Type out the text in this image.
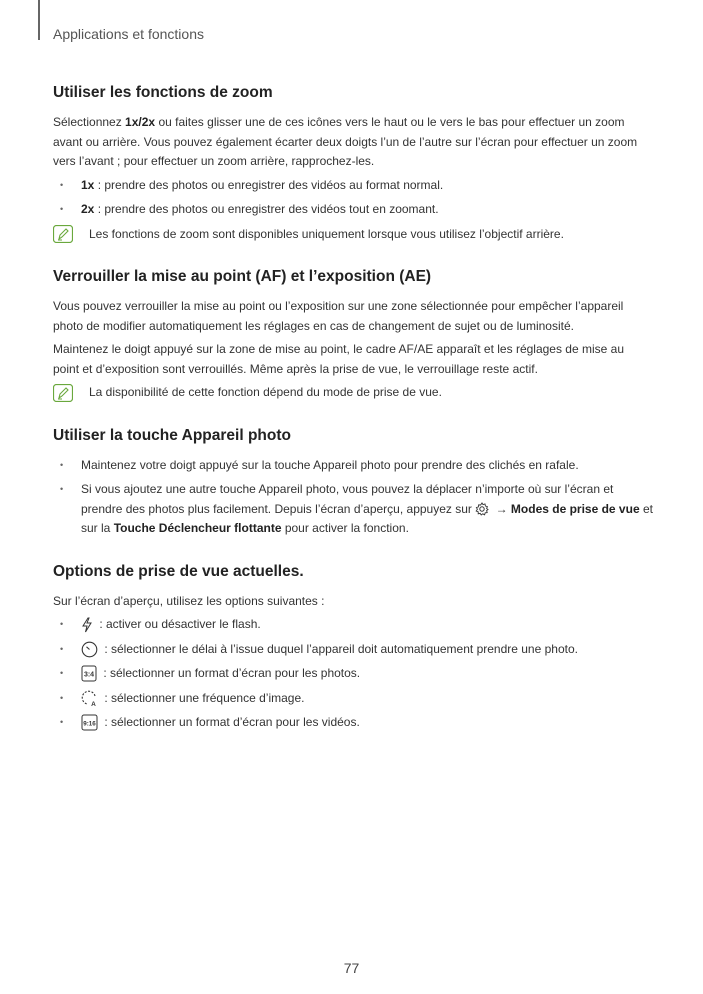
Applications et fonctions
Utiliser les fonctions de zoom

Sélectionnez 1x/2x ou faites glisser une de ces icônes vers le haut ou le vers le bas pour effectuer un zoom avant ou arrière. Vous pouvez également écarter deux doigts l’un de l’autre sur l’écran pour effectuer un zoom vers l’avant ; pour effectuer un zoom arrière, rapprochez-les.

• 1x : prendre des photos ou enregistrer des vidéos au format normal.
• 2x : prendre des photos ou enregistrer des vidéos tout en zoomant.
Les fonctions de zoom sont disponibles uniquement lorsque vous utilisez l’objectif arrière.
Verrouiller la mise au point (AF) et l’exposition (AE)

Vous pouvez verrouiller la mise au point ou l’exposition sur une zone sélectionnée pour empêcher l’appareil photo de modifier automatiquement les réglages en cas de changement de sujet ou de luminosité.

Maintenez le doigt appuyé sur la zone de mise au point, le cadre AF/AE apparaît et les réglages de mise au point et d’exposition sont verrouillés. Même après la prise de vue, le verrouillage reste actif.

La disponibilité de cette fonction dépend du mode de prise de vue.
Utiliser la touche Appareil photo
• Maintenez votre doigt appuyé sur la touche Appareil photo pour prendre des clichés en rafale.
• Si vous ajoutez une autre touche Appareil photo, vous pouvez la déplacer n’importe où sur l’écran et prendre des photos plus facilement. Depuis l’écran d’aperçu, appuyez sur  → Modes de prise de vue et sur la Touche Déclencheur flottante pour activer la fonction.
Options de prise de vue actuelles.

Sur l’écran d’aperçu, utilisez les options suivantes :

• : activer ou désactiver le flash.
• : sélectionner le délai à l’issue duquel l’appareil doit automatiquement prendre une photo.
• 3:4 : sélectionner un format d’écran pour les photos.
• A : sélectionner une fréquence d’image.
• 9:16 : sélectionner un format d’écran pour les vidéos.
77
